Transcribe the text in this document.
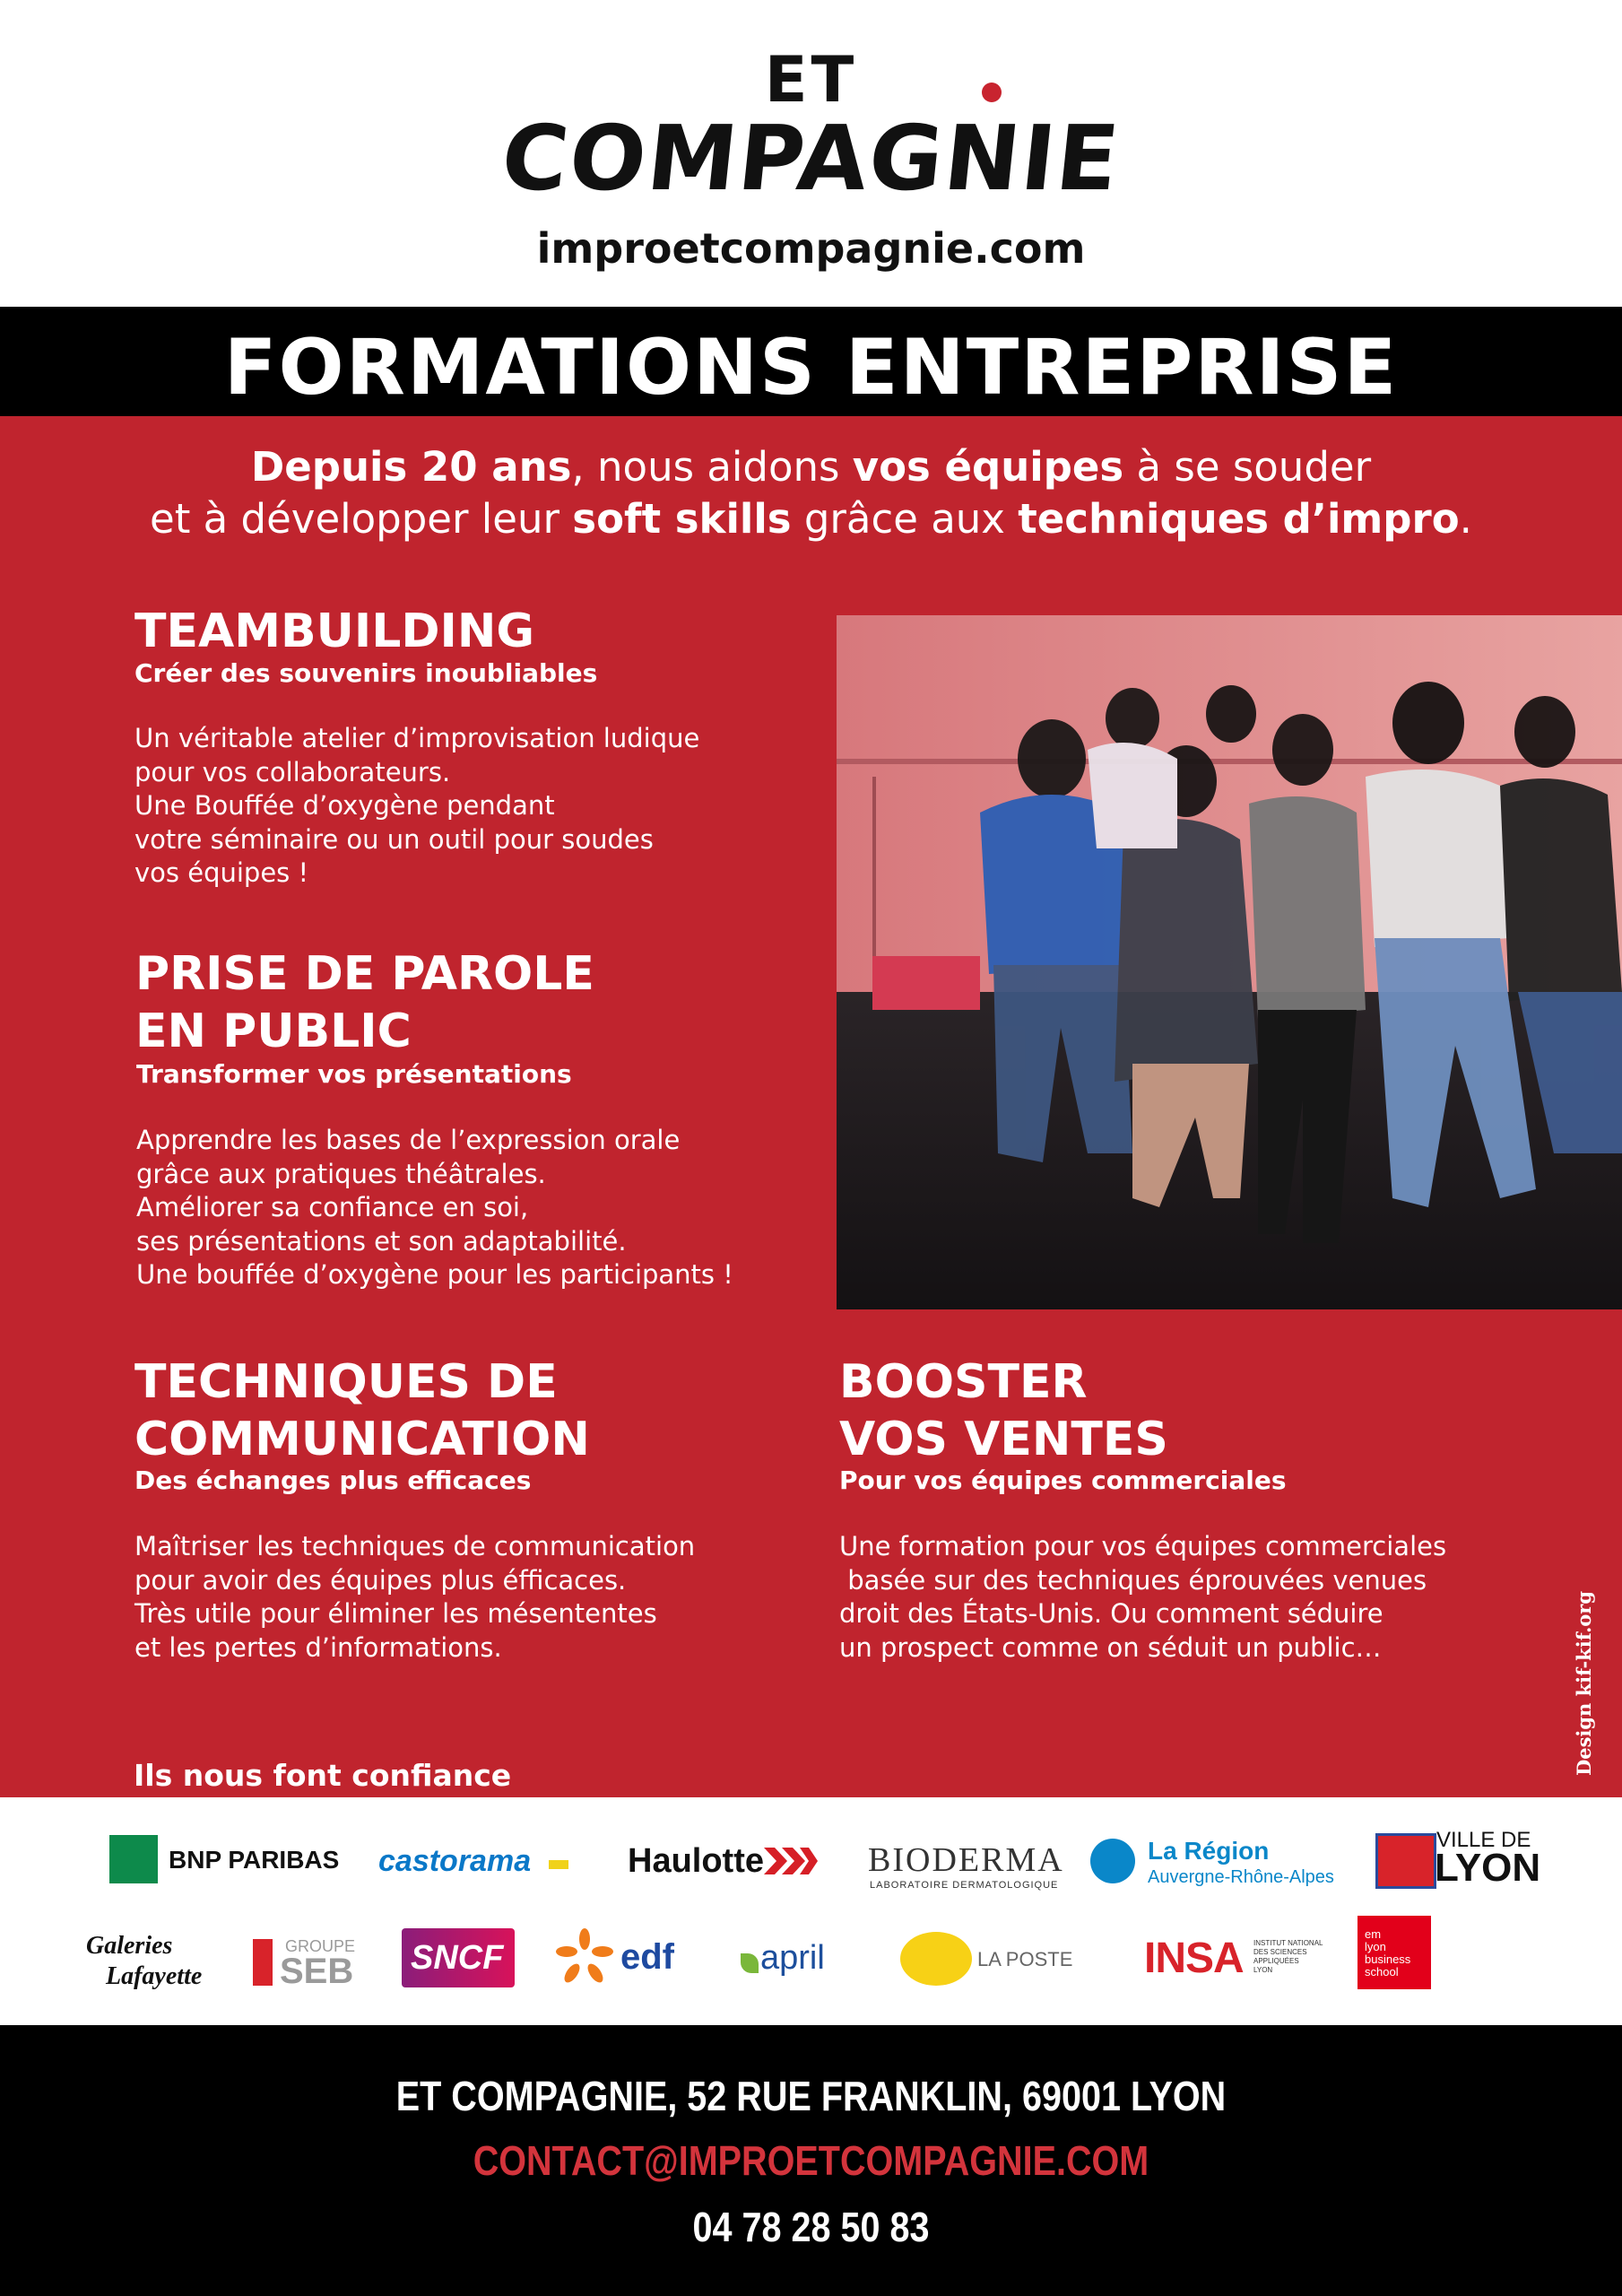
ET
COMPAGNIE
improetcompagnie.com
FORMATIONS ENTREPRISE
Depuis 20 ans, nous aidons vos équipes à se souder
et à développer leur soft skills grâce aux techniques d’impro.
TEAMBUILDING
Créer des souvenirs inoubliables
Un véritable atelier d’improvisation ludique
pour vos collaborateurs.
Une Bouffée d’oxygène pendant
votre séminaire ou un outil pour soudes
vos équipes !
PRISE DE PAROLE
EN PUBLIC
Transformer vos présentations
Apprendre les bases de l’expression orale
grâce aux pratiques théâtrales.
Améliorer sa confiance en soi,
ses présentations et son adaptabilité.
Une bouffée d’oxygène pour les participants !
TECHNIQUES DE
COMMUNICATION
Des échanges plus efficaces
Maîtriser les techniques de communication
pour avoir des équipes plus éfficaces.
Très utile pour éliminer les mésententes
et les pertes d’informations.
BOOSTER
VOS VENTES
Pour vos équipes commerciales
Une formation pour vos équipes commerciales
basée sur des techniques éprouvées venues
droit des États-Unis. Ou comment séduire
un prospect comme on séduit un public…	Design kif-kif.org
Ils nous font confiance
BNP PARIBAS castorama	Haulotte	BIODERMA
LABORATOIRE DERMATOLOGIQUE
La Région
Auvergne-Rhône-Alpes
VILLE DE
LYON
Galeries
Lafayette
GROUPE
SEB SNCF	edf	april	LA POSTE INSA INSTITUT NATIONAL
DES SCIENCES
APPLIQUÉES
LYON
em
lyon
business
school
ET COMPAGNIE, 52 RUE FRANKLIN, 69001 LYON
CONTACT@IMPROETCOMPAGNIE.COM
04 78 28 50 83
